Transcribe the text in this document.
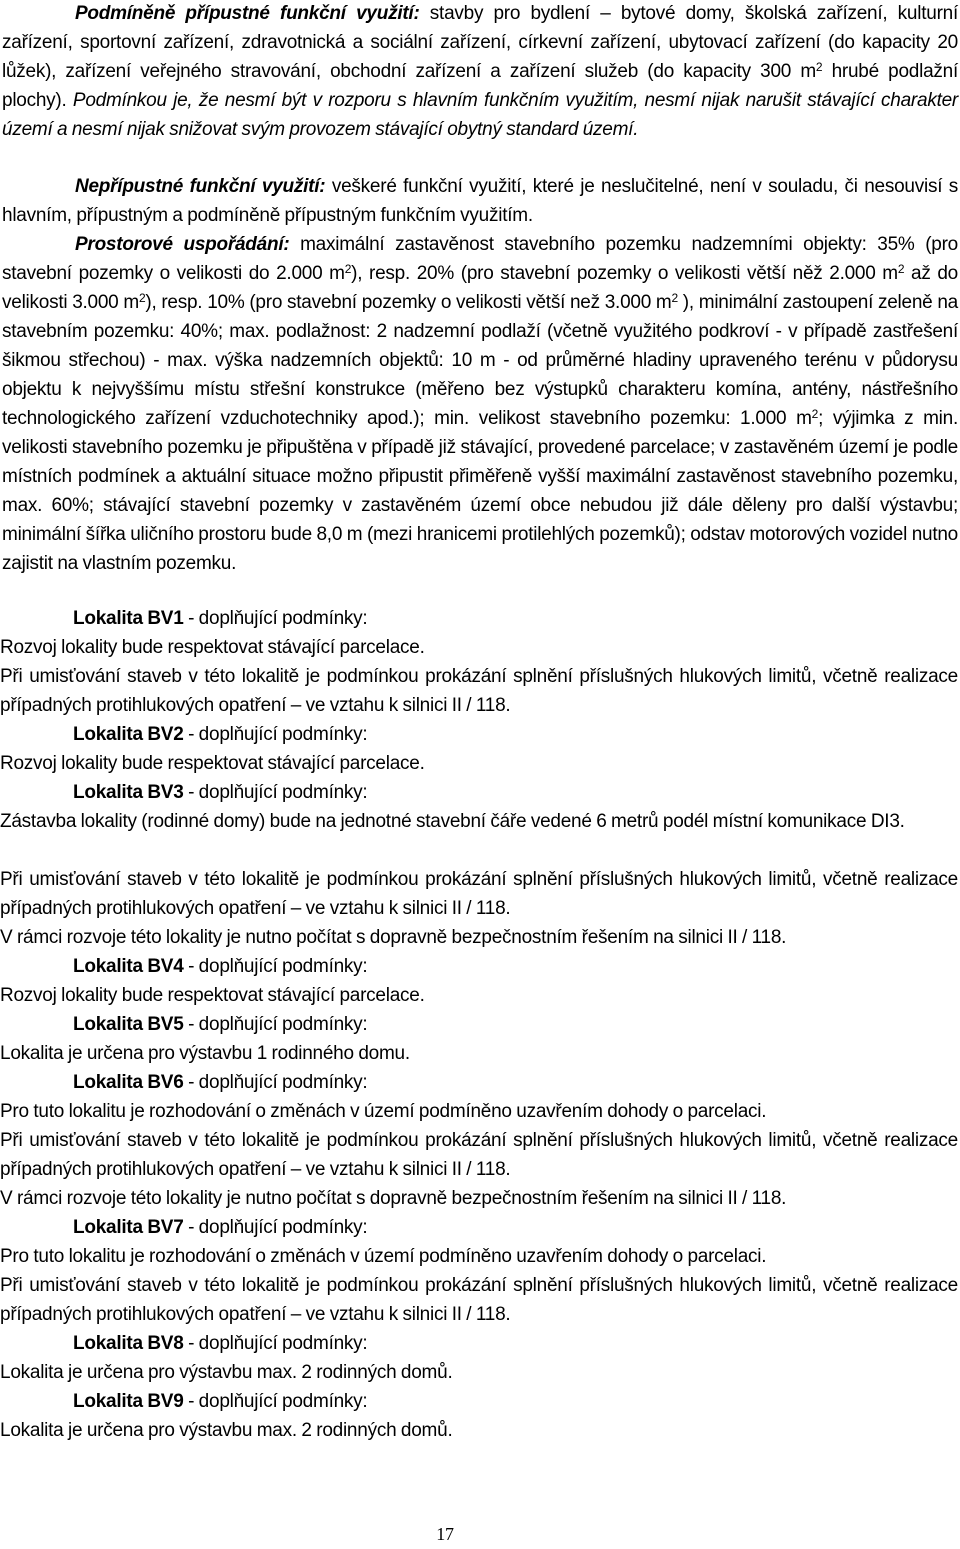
Podmíněně přípustné funkční využití: stavby pro bydlení – bytové domy, školská zařízení, kulturní zařízení, sportovní zařízení, zdravotnická a sociální zařízení, církevní zařízení, ubytovací zařízení (do kapacity 20 lůžek), zařízení veřejného stravování, obchodní zařízení a zařízení služeb (do kapacity 300 $m^2$ hrubé podlažní plochy). Podmínkou je, že nesmí být v rozporu s hlavním funkčním využitím, nesmí nijak narušit stávající charakter území a nesmí nijak snižovat svým provozem stávající obytný standard území.
Nepřípustné funkční využití: veškeré funkční využití, které je neslučitelné, není v souladu, či nesouvisí s hlavním, přípustným a podmíněně přípustným funkčním využitím.
Prostorové uspořádání: maximální zastavěnost stavebního pozemku nadzemními objekty: 35% (pro stavební pozemky o velikosti do 2.000 $m^2$), resp. 20% (pro stavební pozemky o velikosti větší něž 2.000 $m^2$ až do velikosti 3.000 $m^2$), resp. 10% (pro stavební pozemky o velikosti větší než 3.000 $m^2$ ), minimální zastoupení zeleně na stavebním pozemku: 40%; max. podlažnost: 2 nadzemní podlaží (včetně využitého podkroví - v případě zastřešení šikmou střechou) - max. výška nadzemních objektů: 10 m - od průměrné hladiny upraveného terénu v půdorysu objektu k nejvyššímu místu střešní konstrukce (měřeno bez výstupků charakteru komína, antény, nástřešního technologického zařízení vzduchotechniky apod.); min. velikost stavebního pozemku: 1.000 $m^2$; výjimka z min. velikosti stavebního pozemku je připuštěna v případě již stávající, provedené parcelace; v zastavěném území je podle místních podmínek a aktuální situace možno připustit přiměřeně vyšší maximální zastavěnost stavebního pozemku, max. 60%; stávající stavební pozemky v zastavěném území obce nebudou již dále děleny pro další výstavbu; minimální šířka uličního prostoru bude 8,0 m (mezi hranicemi protilehlých pozemků); odstav motorových vozidel nutno zajistit na vlastním pozemku.
Lokalita BV1 - doplňující podmínky:
Rozvoj lokality bude respektovat stávající parcelace.
Při umisťování staveb v této lokalitě je podmínkou prokázání splnění příslušných hlukových limitů, včetně realizace případných protihlukových opatření – ve vztahu k silnici II / 118.
Lokalita BV2 - doplňující podmínky:
Rozvoj lokality bude respektovat stávající parcelace.
Lokalita BV3 - doplňující podmínky:
Zástavba lokality (rodinné domy) bude na jednotné stavební čáře vedené 6 metrů podél místní komunikace DI3.
Při umisťování staveb v této lokalitě je podmínkou prokázání splnění příslušných hlukových limitů, včetně realizace případných protihlukových opatření – ve vztahu k silnici II / 118.
V rámci rozvoje této lokality je nutno počítat s dopravně bezpečnostním řešením na silnici II / 118.
Lokalita BV4 - doplňující podmínky:
Rozvoj lokality bude respektovat stávající parcelace.
Lokalita BV5 - doplňující podmínky:
Lokalita je určena pro výstavbu 1 rodinného domu.
Lokalita BV6 - doplňující podmínky:
Pro tuto lokalitu je rozhodování o změnách v území podmíněno uzavřením dohody o parcelaci.
Při umisťování staveb v této lokalitě je podmínkou prokázání splnění příslušných hlukových limitů, včetně realizace případných protihlukových opatření – ve vztahu k silnici II / 118.
V rámci rozvoje této lokality je nutno počítat s dopravně bezpečnostním řešením na silnici II / 118.
Lokalita BV7 - doplňující podmínky:
Pro tuto lokalitu je rozhodování o změnách v území podmíněno uzavřením dohody o parcelaci.
Při umisťování staveb v této lokalitě je podmínkou prokázání splnění příslušných hlukových limitů, včetně realizace případných protihlukových opatření – ve vztahu k silnici II / 118.
Lokalita BV8 - doplňující podmínky:
Lokalita je určena pro výstavbu max. 2 rodinných domů.
Lokalita BV9 - doplňující podmínky:
Lokalita je určena pro výstavbu max. 2 rodinných domů.
17
